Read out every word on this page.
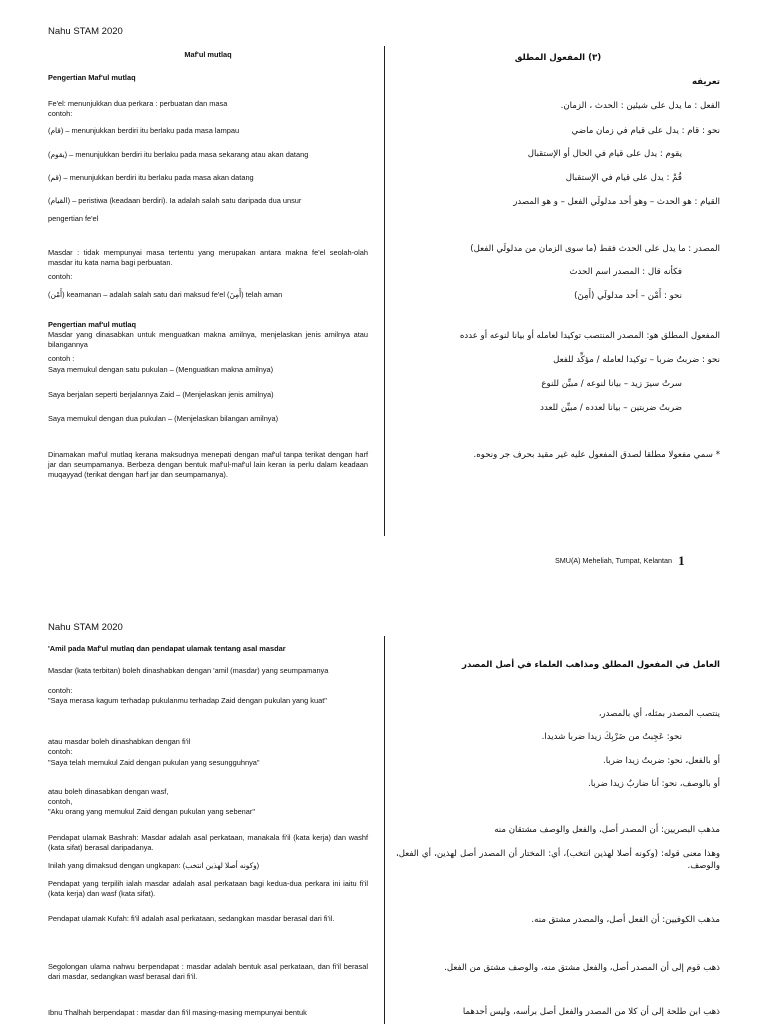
Nahu STAM 2020
Maf'ul mutlaq
Pengertian Maf'ul mutlaq
Fe'el: menunjukkan dua perkara : perbuatan dan masa
contoh:
(قام) – menunjukkan berdiri itu berlaku pada masa lampau
(يقوم) – menunjukkan berdiri itu berlaku pada masa sekarang atau akan datang
(قم) – menunjukkan berdiri itu berlaku pada masa akan datang
(القيام) – peristiwa (keadaan berdiri). Ia adalah salah satu daripada dua unsur
pengertian fe'el
Masdar : tidak mempunyai masa tertentu yang merupakan antara makna fe'el seolah-olah masdar itu kata nama bagi perbuatan.
contoh:
(أَمْن) keamanan – adalah salah satu dari maksud fe'el (أَمِنَ) telah aman
Pengertian maf'ul mutlaq
Masdar yang dinasabkan untuk menguatkan makna amilnya, menjelaskan jenis amilnya atau bilangannya
contoh :
Saya memukul dengan satu pukulan – (Menguatkan makna amilnya)
Saya berjalan seperti berjalannya Zaid – (Menjelaskan jenis amilnya)
Saya memukul dengan dua pukulan – (Menjelaskan bilangan amilnya)
Dinamakan maf'ul mutlaq kerana maksudnya menepati dengan maf'ul tanpa terikat dengan harf jar dan seumpamanya. Berbeza dengan bentuk maf'ul-maf'ul lain keran ia perlu dalam keadaan muqayyad (terikat dengan harf jar dan seumpamanya).
(٣) المفعول المطلق
تعريفه
الفعل : ما يدل على شيئين : الحدث ، الزمان.
نحو : قام : يدل على قيام في زمان ماضي
يقوم : يدل على قيام في الحال أو الإستقبال
قُمْ : يدل على قيام في الإستقبال
القيام : هو الحدث – وهو أحد مدلولَي الفعل – و هو المصدر
المصدر : ما يدل على الحدث فقط (ما سوى الزمان من مدلولَي الفعل)
فكأنه قال : المصدر اسم الحدث
نحو : أَمْن – أحد مدلولَي (أَمِنَ)
المفعول المطلق هو: المصدر المنتصب توكيدا لعامله أو بيانا لنوعه أو عدده
نحو : ضربتُ ضربا – توكيدا لعامله / مؤكِّد للفعل
سرتُ سيرَ زيد – بيانا لنوعه / مبيِّن للنوع
ضربتُ ضربتين – بيانا لعدده / مبيِّن للعدد
* سمي مفعولا مطلقا لصدق المفعول عليه غير مقيد بحرف جر ونحوه.
SMU(A) Meheliah, Tumpat, Kelantan 1
Nahu STAM 2020
'Amil pada Maf'ul mutlaq dan pendapat ulamak tentang asal masdar
Masdar (kata terbitan) boleh dinashabkan dengan 'amil (masdar) yang seumpamanya
contoh:
"Saya merasa kagum terhadap pukulanmu terhadap Zaid dengan pukulan yang kuat"
atau masdar boleh dinashabkan dengan fi'il
contoh:
"Saya telah memukul Zaid dengan pukulan yang sesungguhnya"
atau boleh dinasabkan dengan wasf,
contoh,
"Aku orang yang memukul Zaid dengan pukulan yang sebenar"
Pendapat ulamak Bashrah: Masdar adalah asal perkataan, manakala fi'il (kata kerja) dan washf (kata sifat) berasal daripadanya.
Inilah yang dimaksud dengan ungkapan: (وكونه أصلا لهذين انتخب)
Pendapat yang terpilih ialah masdar adalah asal perkataan bagi kedua-dua perkara ini iaitu fi'il (kata kerja) dan wasf (kata sifat).
Pendapat ulamak Kufah: fi'il adalah asal perkataan, sedangkan masdar berasal dari fi'il.
Segolongan ulama nahwu berpendapat : masdar adalah bentuk asal perkataan, dan fi'il berasal dari masdar, sedangkan wasf berasal dari fi'il.
Ibnu Thalhah berpendapat : masdar dan fi'il masing-masing mempunyai bentuk
العامل في المفعول المطلق ومذاهب العلماء في أصل المصدر
ينتصب المصدر بمثله، أي بالمصدر،
نحو: عَجِبتُ من ضَرْبِكَ زيدا ضربا شديدا.
أو بالفعل، نحو: ضربتُ زيدا ضربا.
أو بالوصف، نحو: أنا ضاربٌ زيدا ضربا.
مذهب البصريين: أن المصدر أصل، والفعل والوصف مشتقان منه
وهذا معنى قوله: (وكونه أصلا لهذين انتخب)، أي: المختار أن المصدر أصل لهذين، أي الفعل، والوصف.
مذهب الكوفيين: أن الفعل أصل، والمصدر مشتق منه.
ذهب قوم إلى أن المصدر أصل، والفعل مشتق منه، والوصف مشتق من الفعل.
ذهب ابن طلحة إلى أن كلا من المصدر والفعل أصل برأسه، وليس أحدهما
